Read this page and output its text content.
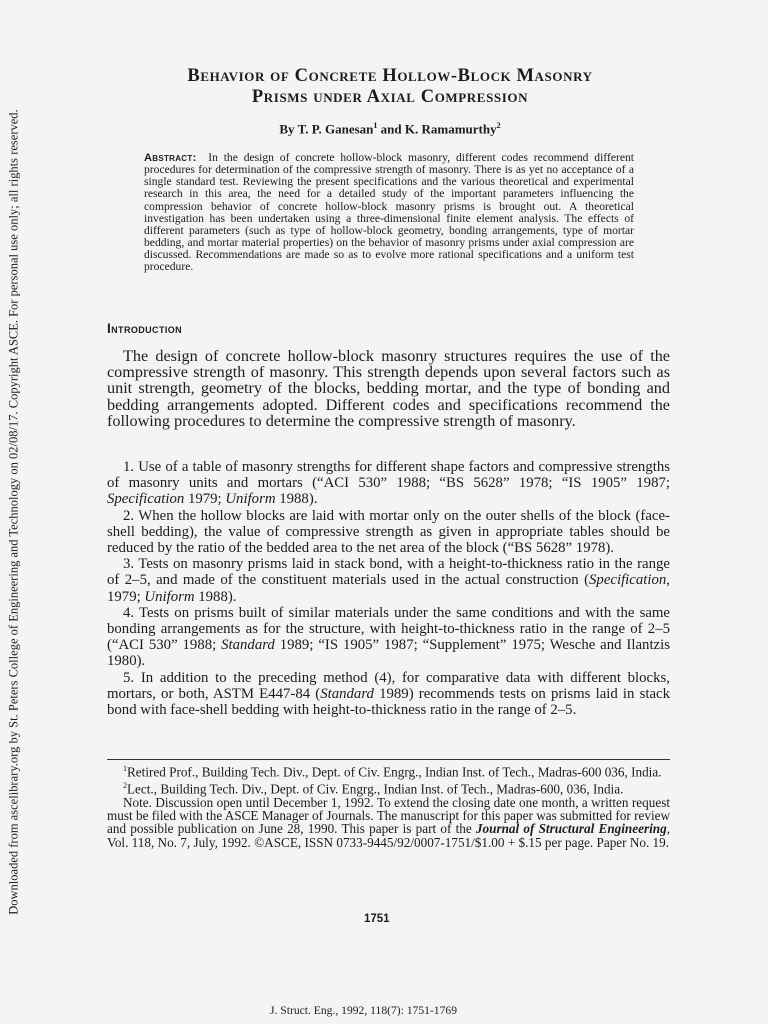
Downloaded from ascelibrary.org by St. Peters College of Engineering and Technology on 02/08/17. Copyright ASCE. For personal use only; all rights reserved.
Behavior of Concrete Hollow-Block Masonry
Prisms under Axial Compression

By T. P. Ganesan$^1$ and K. Ramamurthy$^2$

Abstract: In the design of concrete hollow-block masonry, different codes recommend different procedures for determination of the compressive strength of masonry. There is as yet no acceptance of a single standard test. Reviewing the present specifications and the various theoretical and experimental research in this area, the need for a detailed study of the important parameters influencing the compression behavior of concrete hollow-block masonry prisms is brought out. A theoretical investigation has been undertaken using a three-dimensional finite element analysis. The effects of different parameters (such as type of hollow-block geometry, bonding arrangements, type of mortar bedding, and mortar material properties) on the behavior of masonry prisms under axial compression are discussed. Recommendations are made so as to evolve more rational specifications and a uniform test procedure.

Introduction

The design of concrete hollow-block masonry structures requires the use of the compressive strength of masonry. This strength depends upon several factors such as unit strength, geometry of the blocks, bedding mortar, and the type of bonding and bedding arrangements adopted. Different codes and specifications recommend the following procedures to determine the compressive strength of masonry.

1. Use of a table of masonry strengths for different shape factors and compressive strengths of masonry units and mortars (“ACI 530” 1988; “BS 5628” 1978; “IS 1905” 1987; Specification 1979; Uniform 1988).
2. When the hollow blocks are laid with mortar only on the outer shells of the block (face-shell bedding), the value of compressive strength as given in appropriate tables should be reduced by the ratio of the bedded area to the net area of the block (“BS 5628” 1978).
3. Tests on masonry prisms laid in stack bond, with a height-to-thickness ratio in the range of 2–5, and made of the constituent materials used in the actual construction (Specification, 1979; Uniform 1988).
4. Tests on prisms built of similar materials under the same conditions and with the same bonding arrangements as for the structure, with height-to-thickness ratio in the range of 2–5 (“ACI 530” 1988; Standard 1989; “IS 1905” 1987; “Supplement” 1975; Wesche and Ilantzis 1980).
5. In addition to the preceding method (4), for comparative data with different blocks, mortars, or both, ASTM E447-84 (Standard 1989) recommends tests on prisms laid in stack bond with face-shell bedding with height-to-thickness ratio in the range of 2–5.
$^1$Retired Prof., Building Tech. Div., Dept. of Civ. Engrg., Indian Inst. of Tech., Madras-600 036, India.
$^2$Lect., Building Tech. Div., Dept. of Civ. Engrg., Indian Inst. of Tech., Madras-600, 036, India.
Note. Discussion open until December 1, 1992. To extend the closing date one month, a written request must be filed with the ASCE Manager of Journals. The manuscript for this paper was submitted for review and possible publication on June 28, 1990. This paper is part of the Journal of Structural Engineering, Vol. 118, No. 7, July, 1992. ©ASCE, ISSN 0733-9445/92/0007-1751/$1.00 + $.15 per page. Paper No. 19.

1751

J. Struct. Eng., 1992, 118(7): 1751-1769
